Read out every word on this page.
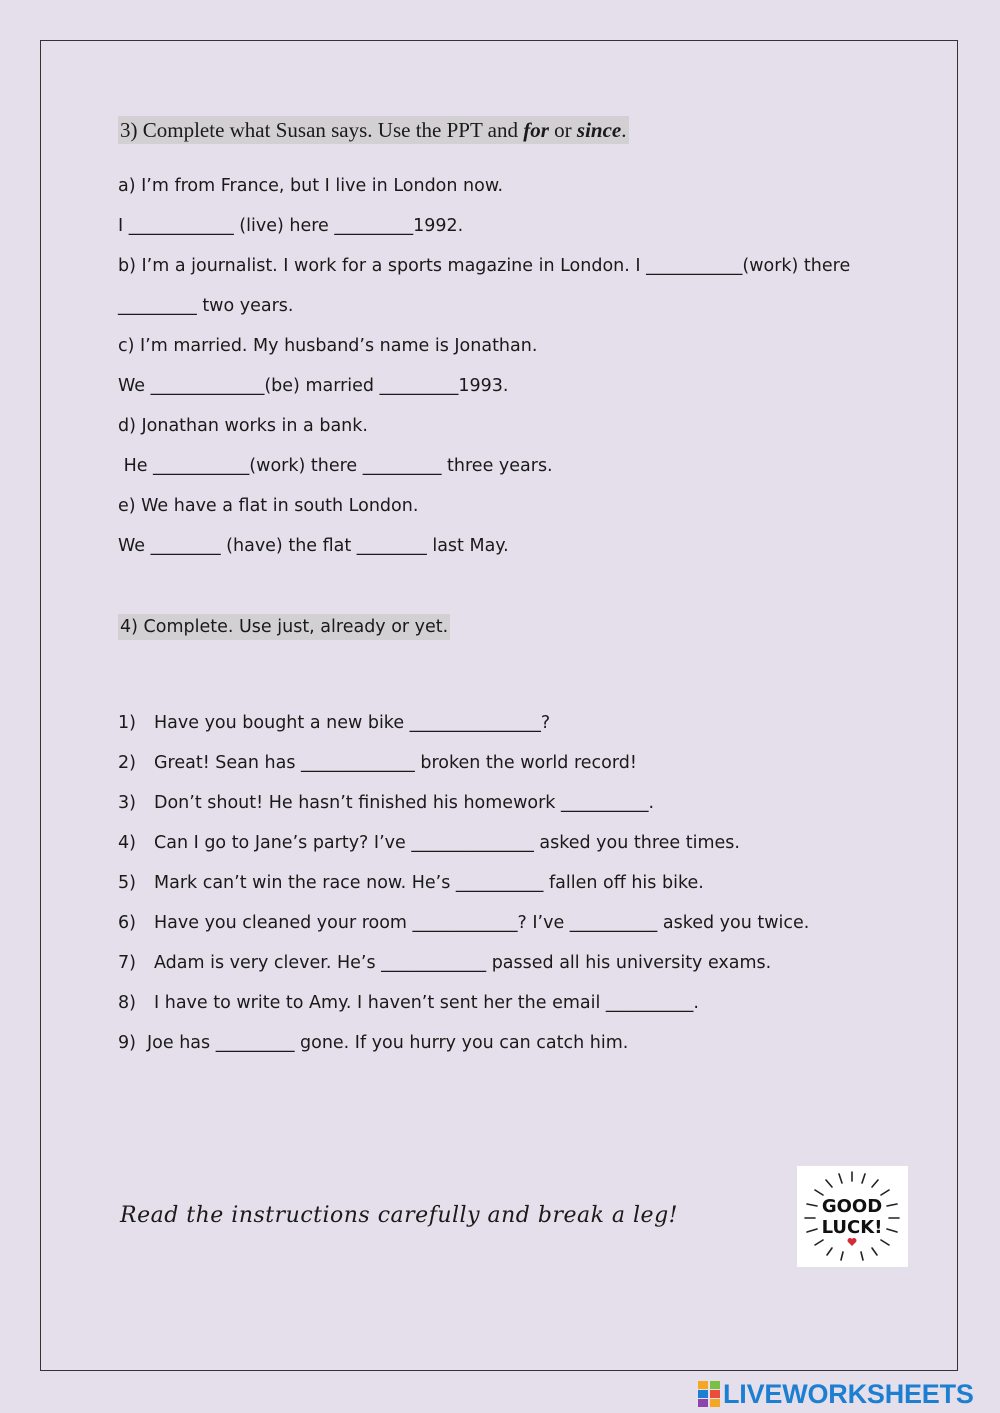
3) Complete what Susan says. Use the PPT and for or since.
a) I’m from France, but I live in London now.
I ____________ (live) here _________1992.
b) I’m a journalist. I work for a sports magazine in London. I ___________(work) there
_________ two years.
c) I’m married. My husband’s name is Jonathan.
We _____________(be) married _________1993.
d) Jonathan works in a bank.
He ___________(work) there _________ three years.
e) We have a flat in south London.
We ________ (have) the flat ________ last May.
4) Complete. Use just, already or yet.
1) Have you bought a new bike _______________?
2) Great! Sean has _____________ broken the world record!
3) Don’t shout! He hasn’t finished his homework __________.
4) Can I go to Jane’s party? I’ve ______________ asked you three times.
5) Mark can’t win the race now. He’s __________ fallen off his bike.
6) Have you cleaned your room ____________? I’ve __________ asked you twice.
7) Adam is very clever. He’s ____________ passed all his university exams.
8) I have to write to Amy. I haven’t sent her the email __________.
9) Joe has _________ gone. If you hurry you can catch him.
Read the instructions carefully and break a leg!	GOOD
LUCK!
LIVEWORKSHEETS
